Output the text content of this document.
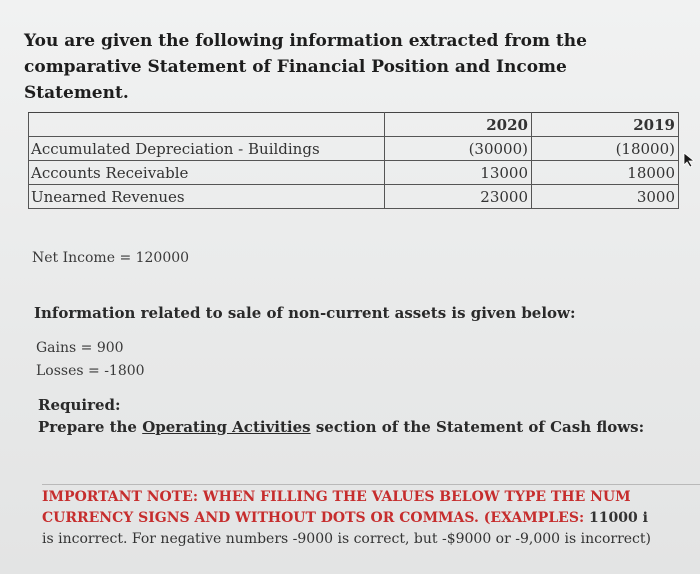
You are given the following information extracted from the
comparative Statement of Financial Position and Income Statement.
	2020	2019
Accumulated Depreciation - Buildings	(30000)	(18000)
Accounts Receivable	13000	18000
Unearned Revenues	23000	3000
Net Income = 120000
Information related to sale of non-current assets is given below:
Gains = 900
Losses = -1800
Required:
Prepare the Operating Activities section of the Statement of Cash flows:
IMPORTANT NOTE: WHEN FILLING THE VALUES BELOW TYPE THE NUM
CURRENCY SIGNS AND WITHOUT DOTS OR COMMAS. (EXAMPLES: 11000 i
is incorrect. For negative numbers -9000 is correct, but -$9000 or -9,000 is incorrect)
